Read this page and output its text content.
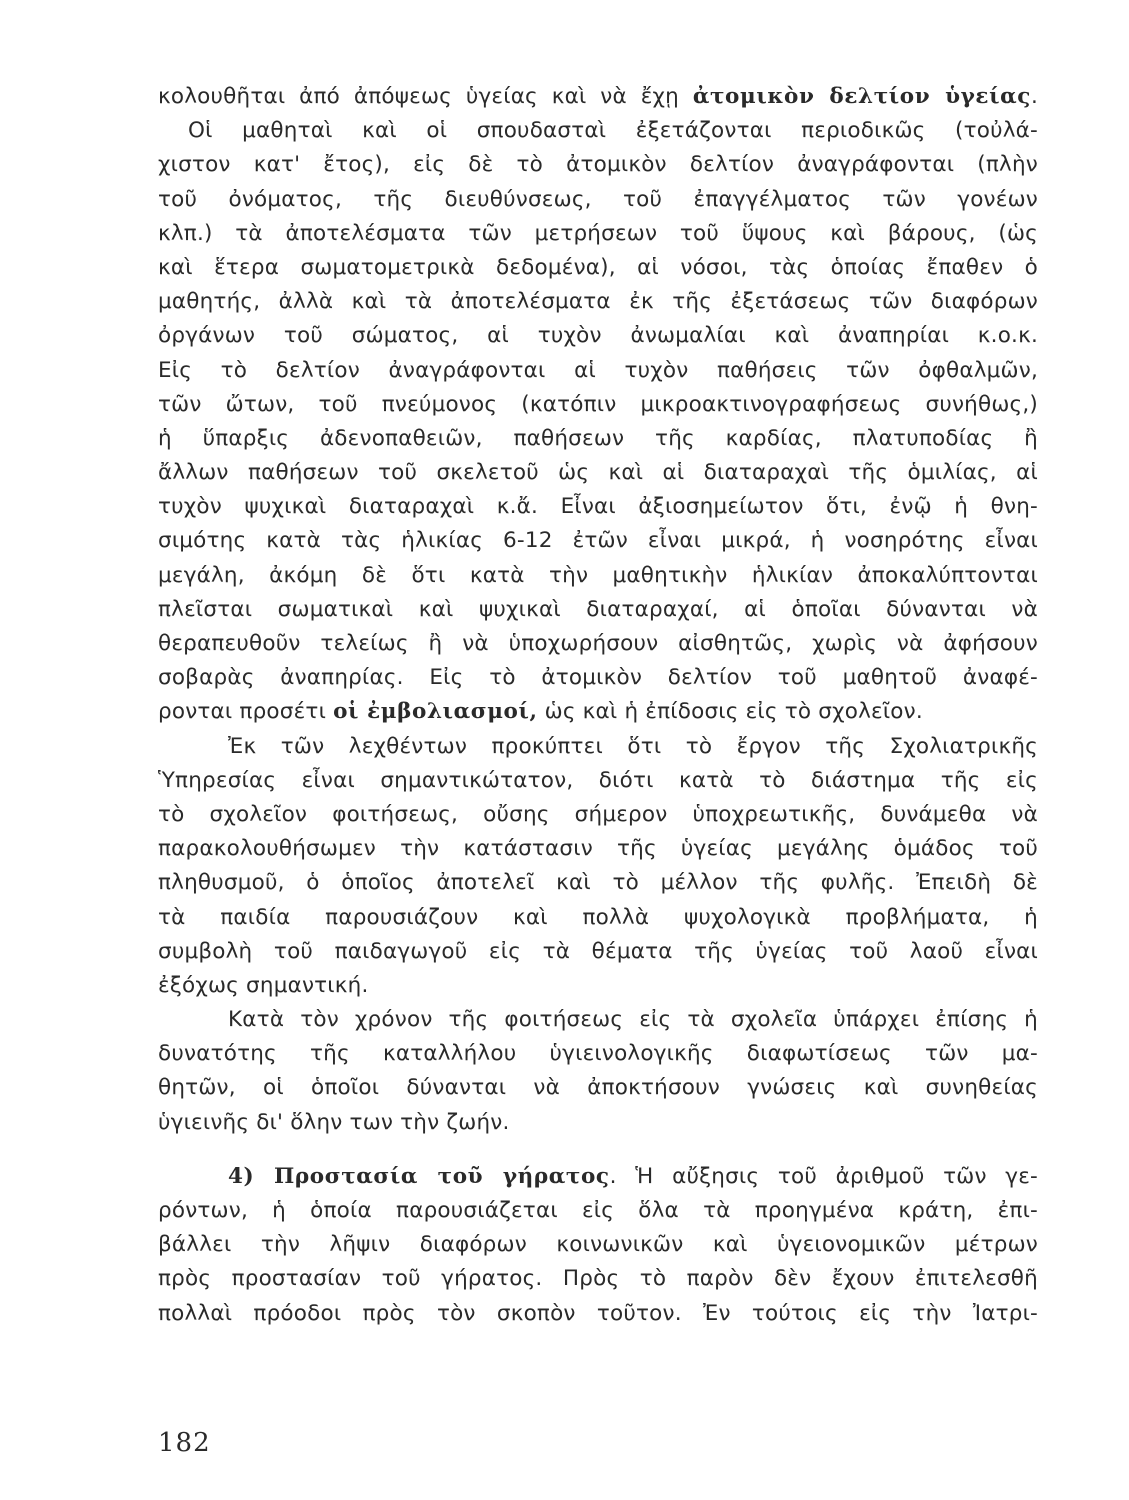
κολουθῆται ἀπό ἀπόψεως ὑγείας καὶ νὰ ἔχῃ ἀτομικὸν δελτίον ὑγείας.
Οἱ μαθηταὶ καὶ οἱ σπουδασταὶ ἐξετάζονται περιοδικῶς (τοὐλά-
χιστον κατ' ἔτος), εἰς δὲ τὸ ἀτομικὸν δελτίον ἀναγράφονται (πλὴν
τοῦ ὀνόματος, τῆς διευθύνσεως, τοῦ ἐπαγγέλματος τῶν γονέων
κλπ.) τὰ ἀποτελέσματα τῶν μετρήσεων τοῦ ὕψους καὶ βάρους, (ὡς
καὶ ἕτερα σωματομετρικὰ δεδομένα), αἱ νόσοι, τὰς ὁποίας ἔπαθεν ὁ
μαθητής, ἀλλὰ καὶ τὰ ἀποτελέσματα ἐκ τῆς ἐξετάσεως τῶν διαφόρων
ὀργάνων τοῦ σώματος, αἱ τυχὸν ἀνωμαλίαι καὶ ἀναπηρίαι κ.ο.κ.
Εἰς τὸ δελτίον ἀναγράφονται αἱ τυχὸν παθήσεις τῶν ὀφθαλμῶν,
τῶν ὤτων, τοῦ πνεύμονος (κατόπιν μικροακτινογραφήσεως συνήθως,)
ἡ ὕπαρξις ἀδενοπαθειῶν, παθήσεων τῆς καρδίας, πλατυποδίας ἢ
ἄλλων παθήσεων τοῦ σκελετοῦ ὡς καὶ αἱ διαταραχαὶ τῆς ὁμιλίας, αἱ
τυχὸν ψυχικαὶ διαταραχαὶ κ.ἄ. Εἶναι ἀξιοσημείωτον ὅτι, ἐνῷ ἡ θνη-
σιμότης κατὰ τὰς ἡλικίας 6-12 ἐτῶν εἶναι μικρά, ἡ νοσηρότης εἶναι
μεγάλη, ἀκόμη δὲ ὅτι κατὰ τὴν μαθητικὴν ἡλικίαν ἀποκαλύπτονται
πλεῖσται σωματικαὶ καὶ ψυχικαὶ διαταραχαί, αἱ ὁποῖαι δύνανται νὰ
θεραπευθοῦν τελείως ἢ νὰ ὑποχωρήσουν αἰσθητῶς, χωρὶς νὰ ἀφήσουν
σοβαρὰς ἀναπηρίας. Εἰς τὸ ἀτομικὸν δελτίον τοῦ μαθητοῦ ἀναφέ-
ρονται προσέτι οἱ ἐμβολιασμοί, ὡς καὶ ἡ ἐπίδοσις εἰς τὸ σχολεῖον.
Ἐκ τῶν λεχθέντων προκύπτει ὅτι τὸ ἔργον τῆς Σχολιατρικῆς
Ὑπηρεσίας εἶναι σημαντικώτατον, διότι κατὰ τὸ διάστημα τῆς εἰς
τὸ σχολεῖον φοιτήσεως, οὔσης σήμερον ὑποχρεωτικῆς, δυνάμεθα νὰ
παρακολουθήσωμεν τὴν κατάστασιν τῆς ὑγείας μεγάλης ὁμάδος τοῦ
πληθυσμοῦ, ὁ ὁποῖος ἀποτελεῖ καὶ τὸ μέλλον τῆς φυλῆς. Ἐπειδὴ δὲ
τὰ παιδία παρουσιάζουν καὶ πολλὰ ψυχολογικὰ προβλήματα, ἡ
συμβολὴ τοῦ παιδαγωγοῦ εἰς τὰ θέματα τῆς ὑγείας τοῦ λαοῦ εἶναι
ἐξόχως σημαντική.
Κατὰ τὸν χρόνον τῆς φοιτήσεως εἰς τὰ σχολεῖα ὑπάρχει ἐπίσης ἡ
δυνατότης τῆς καταλλήλου ὑγιεινολογικῆς διαφωτίσεως τῶν μα-
θητῶν, οἱ ὁποῖοι δύνανται νὰ ἀποκτήσουν γνώσεις καὶ συνηθείας
ὑγιεινῆς δι' ὅλην των τὴν ζωήν.
4) Προστασία τοῦ γήρατος. Ἡ αὔξησις τοῦ ἀριθμοῦ τῶν γε-
ρόντων, ἡ ὁποία παρουσιάζεται εἰς ὅλα τὰ προηγμένα κράτη, ἐπι-
βάλλει τὴν λῆψιν διαφόρων κοινωνικῶν καὶ ὑγειονομικῶν μέτρων
πρὸς προστασίαν τοῦ γήρατος. Πρὸς τὸ παρὸν δὲν ἔχουν ἐπιτελεσθῆ
πολλαὶ πρόοδοι πρὸς τὸν σκοπὸν τοῦτον. Ἐν τούτοις εἰς τὴν Ἰατρι-
182
